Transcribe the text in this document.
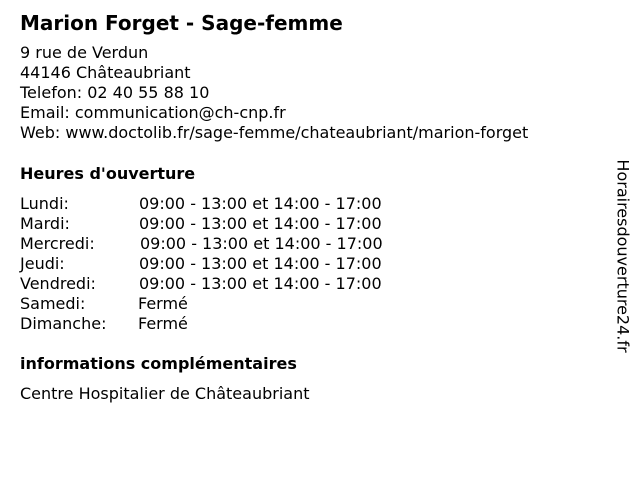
Marion Forget - Sage-femme
9 rue de Verdun
44146 Châteaubriant
Telefon: 02 40 55 88 10
Email: communication@ch-cnp.fr
Web: www.doctolib.fr/sage-femme/chateaubriant/marion-forget
Heures d'ouverture
Lundi:	09:00 - 13:00 et 14:00 - 17:00
Mardi:	09:00 - 13:00 et 14:00 - 17:00
Mercredi:	09:00 - 13:00 et 14:00 - 17:00
Jeudi:	09:00 - 13:00 et 14:00 - 17:00
Vendredi:	09:00 - 13:00 et 14:00 - 17:00
Samedi:	Fermé
Dimanche:	Fermé
informations complémentaires
Centre Hospitalier de Châteaubriant
Horairesdouverture24.fr
